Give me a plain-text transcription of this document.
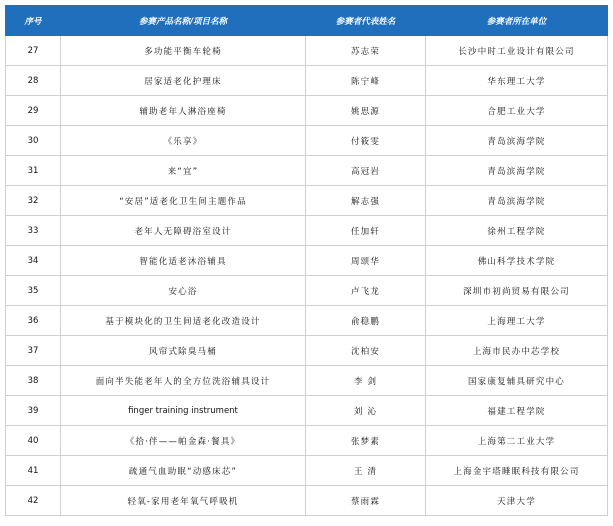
序号	参赛产品名称/项目名称	参赛者代表姓名	参赛者所在单位
27	多功能平衡车轮椅	苏志荣	长沙中时工业设计有限公司
28	居家适老化护理床	陈宁峰	华东理工大学
29	辅助老年人淋浴座椅	姚思源	合肥工业大学
30	《乐享》	付筱雯	青岛滨海学院
31	来“宜”	高冠岩	青岛滨海学院
32	“安居”适老化卫生间主题作品	解志强	青岛滨海学院
33	老年人无障碍浴室设计	任加轩	徐州工程学院
34	智能化适老沐浴辅具	周颂华	佛山科学技术学院
35	安心浴	卢飞龙	深圳市初尚贸易有限公司
36	基于模块化的卫生间适老化改造设计	俞稳鹏	上海理工大学
37	风帘式除臭马桶	沈柏安	上海市民办中芯学校
38	面向半失能老年人的全方位洗浴辅具设计	李 剑	国家康复辅具研究中心
39	finger training instrument	刘 沁	福建工程学院
40	《拾·伴——帕金森·餐具》	张梦素	上海第二工业大学
41	疏通气血助眠“动感床芯”	王 清	上海金宇塔睡眠科技有限公司
42	轻氧-家用老年氧气呼吸机	蔡雨霖	天津大学
